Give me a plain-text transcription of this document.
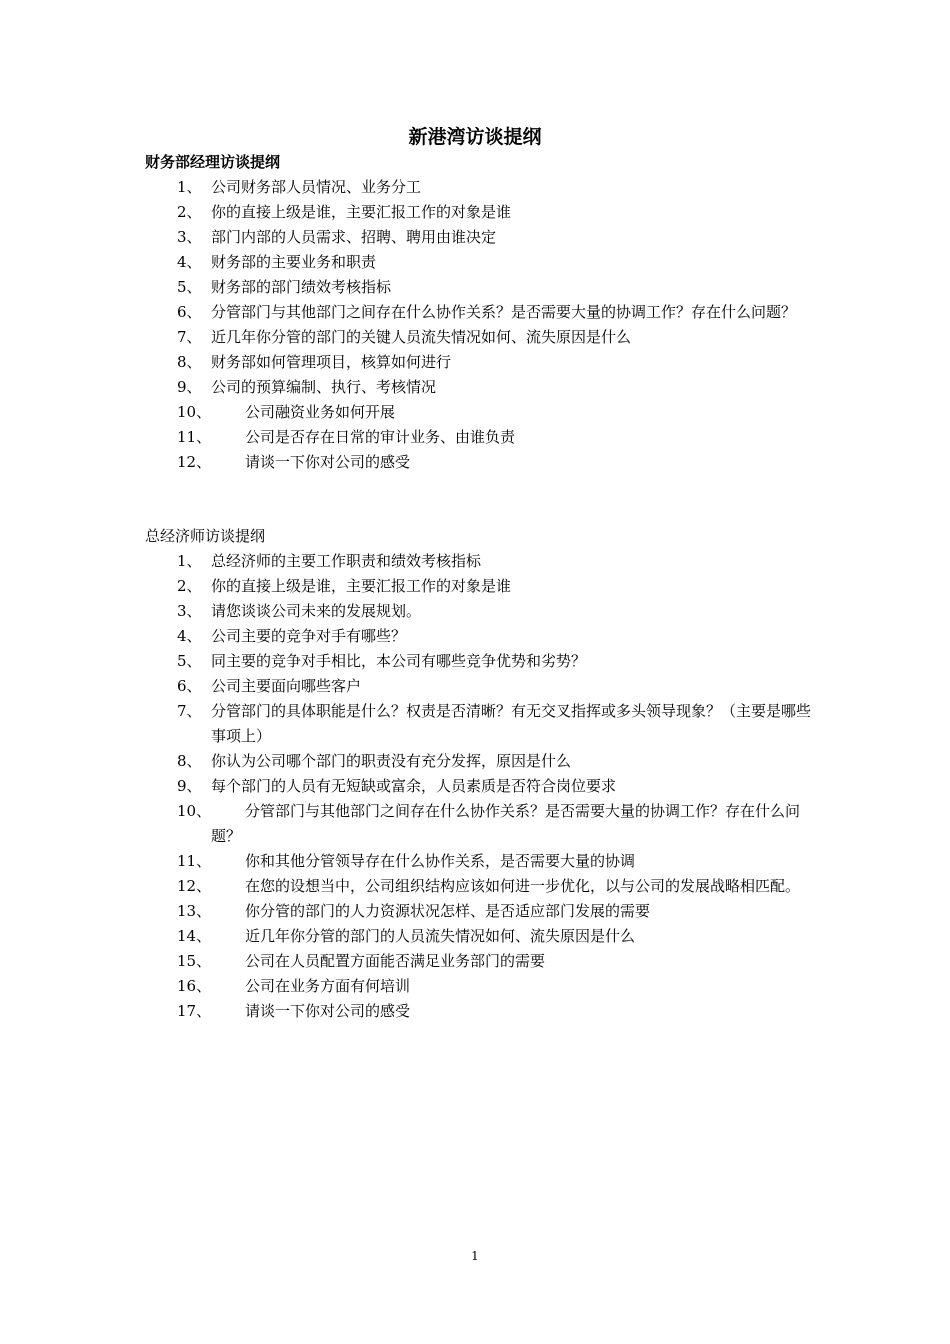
新港湾访谈提纲
财务部经理访谈提纲
1、 公司财务部人员情况、业务分工
2、 你的直接上级是谁，主要汇报工作的对象是谁
3、 部门内部的人员需求、招聘、聘用由谁决定
4、 财务部的主要业务和职责
5、 财务部的部门绩效考核指标
6、 分管部门与其他部门之间存在什么协作关系？是否需要大量的协调工作？存在什么问题？
7、 近几年你分管的部门的关键人员流失情况如何、流失原因是什么
8、 财务部如何管理项目，核算如何进行
9、 公司的预算编制、执行、考核情况
10、	公司融资业务如何开展
11、	公司是否存在日常的审计业务、由谁负责
12、	请谈一下你对公司的感受
总经济师访谈提纲
1、 总经济师的主要工作职责和绩效考核指标
2、 你的直接上级是谁，主要汇报工作的对象是谁
3、 请您谈谈公司未来的发展规划。
4、 公司主要的竞争对手有哪些？
5、 同主要的竞争对手相比，本公司有哪些竞争优势和劣势？
6、 公司主要面向哪些客户
7、 分管部门的具体职能是什么？权责是否清晰？有无交叉指挥或多头领导现象？（主要是哪些事项上）
8、 你认为公司哪个部门的职责没有充分发挥，原因是什么
9、 每个部门的人员有无短缺或富余，人员素质是否符合岗位要求
10、	分管部门与其他部门之间存在什么协作关系？是否需要大量的协调工作？存在什么问题？
11、	你和其他分管领导存在什么协作关系，是否需要大量的协调
12、	在您的设想当中，公司组织结构应该如何进一步优化，以与公司的发展战略相匹配。
13、	你分管的部门的人力资源状况怎样、是否适应部门发展的需要
14、	近几年你分管的部门的人员流失情况如何、流失原因是什么
15、	公司在人员配置方面能否满足业务部门的需要
16、	公司在业务方面有何培训
17、	请谈一下你对公司的感受
1
